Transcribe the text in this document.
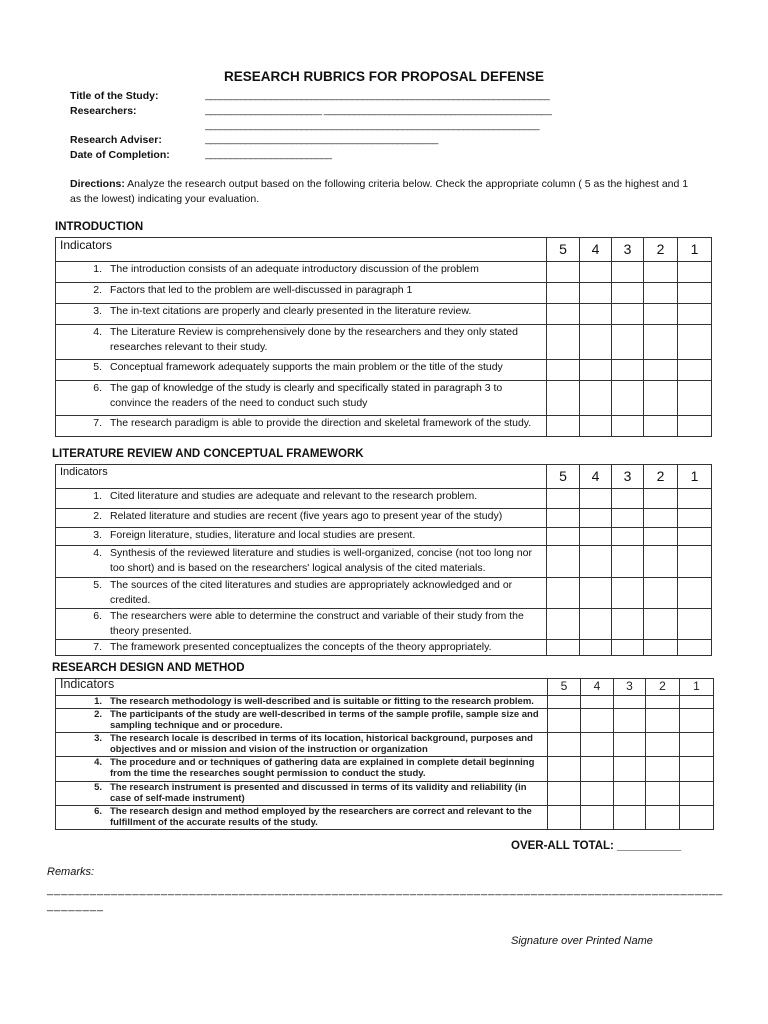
RESEARCH RUBRICS FOR PROPOSAL DEFENSE
Title of the Study:	____________________________________________________________________
Researchers:	_______________________ _____________________________________________
__________________________________________________________________
Research Adviser:	______________________________________________
Date of Completion:	_________________________
Directions: Analyze the research output based on the following criteria below. Check the appropriate column ( 5 as the highest and 1 as the lowest) indicating your evaluation.
INTRODUCTION
Indicators	5	4	3	2	1

1. The introduction consists of an adequate introductory discussion of the problem					

2. Factors that led to the problem are well-discussed in paragraph 1					

3. The in-text citations are properly and clearly presented in the literature review.					

4. The Literature Review is comprehensively done by the researchers and they only stated researches relevant to their study.					

5. Conceptual framework adequately supports the main problem or the title of the study					

6. The gap of knowledge of the study is clearly and specifically stated in paragraph 3 to convince the readers of the need to conduct such study					

7. The research paradigm is able to provide the direction and skeletal framework of the study.					

LITERATURE REVIEW AND CONCEPTUAL FRAMEWORK
Indicators	5	4	3	2	1

1. Cited literature and studies are adequate and relevant to the research problem.					

2. Related literature and studies are recent (five years ago to present year of the study)					

3. Foreign literature, studies, literature and local studies are present.					

4. Synthesis of the reviewed literature and studies is well-organized, concise (not too long nor too short) and is based on the researchers' logical analysis of the cited materials.					

5. The sources of the cited literatures and studies are appropriately acknowledged and or credited.					

6. The researchers were able to determine the construct and variable of their study from the theory presented.					

7. The framework presented conceptualizes the concepts of the theory appropriately.					

RESEARCH DESIGN AND METHOD
Indicators	5	4	3	2	1

1. The research methodology is well-described and is suitable or fitting to the research problem.					

2. The participants of the study are well-described in terms of the sample profile, sample size and sampling technique and or procedure.					

3. The research locale is described in terms of its location, historical background, purposes and objectives and or mission and vision of the instruction or organization					

4. The procedure and or techniques of gathering data are explained in complete detail beginning from the time the researches sought permission to conduct the study.					

5. The research instrument is presented and discussed in terms of its validity and reliability (in case of self-made instrument)					

6. The research design and method employed by the researchers are correct and relevant to the fulfillment of the accurate results of the study.					

OVER-ALL TOTAL: __________
Remarks:
_______________________________________________________________________________________________________
Signature over Printed Name
